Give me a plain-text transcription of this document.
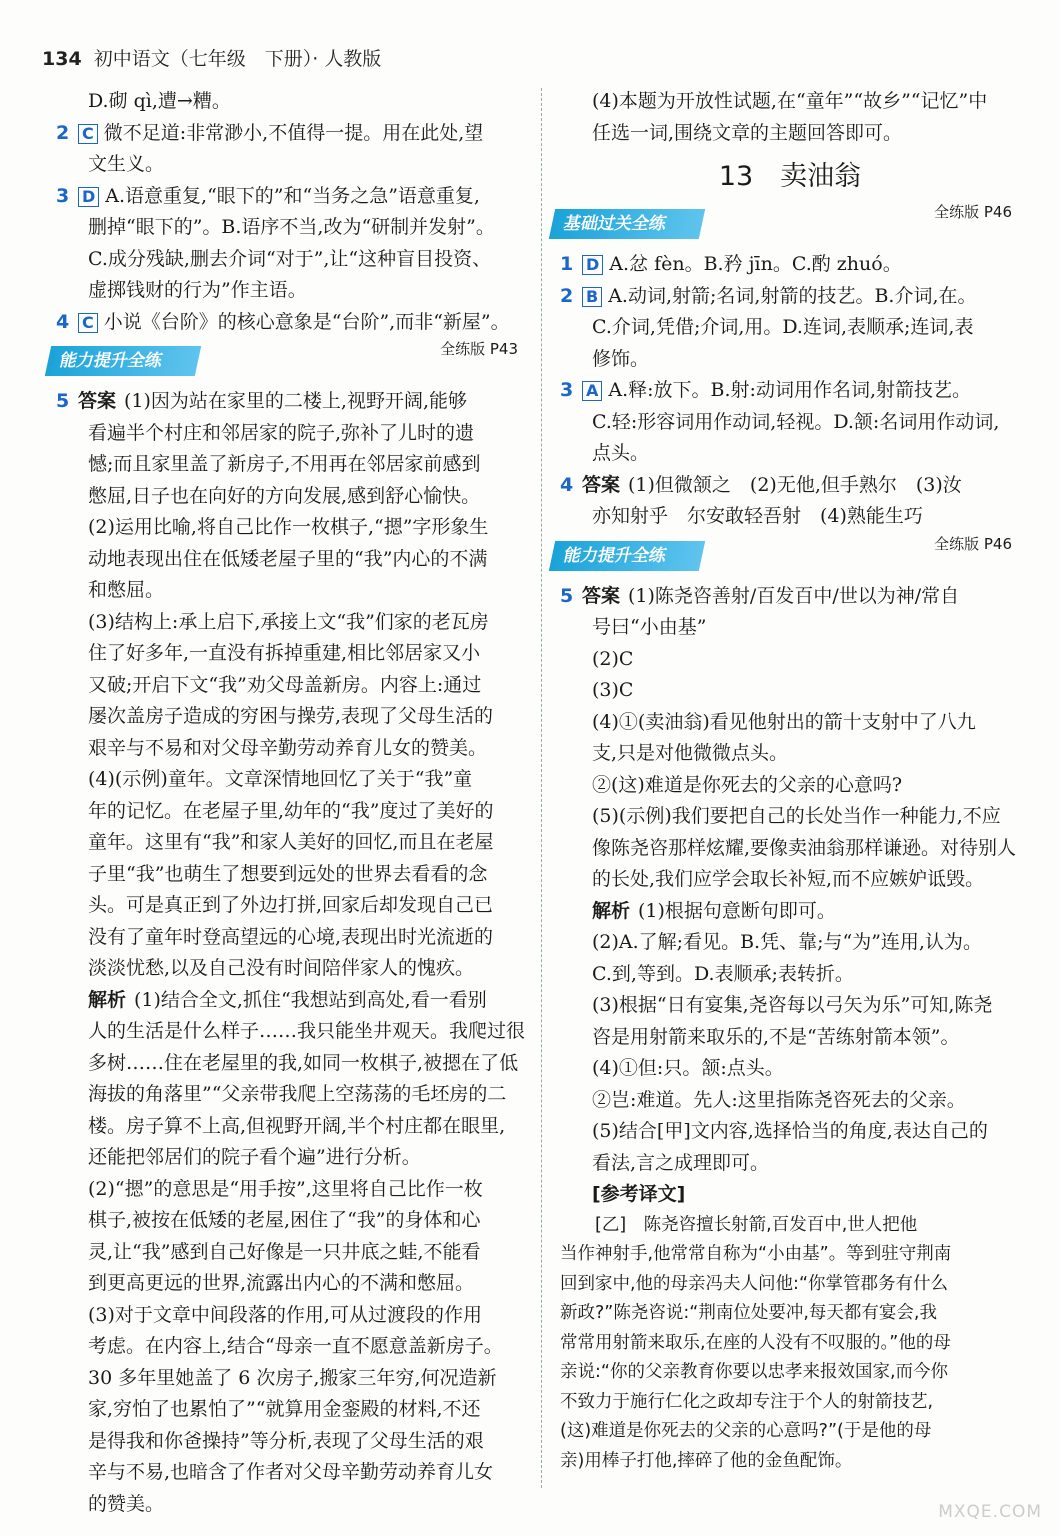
134 初中语文（七年级　下册）· 人教版

D.砌 qì,遭→糟。

2 C 微不足道:非常渺小,不值得一提。用在此处,望

文生义。

3 D A.语意重复,“眼下的”和“当务之急”语意重复,

删掉“眼下的”。B.语序不当,改为“研制并发射”。

C.成分残缺,删去介词“对于”,让“这种盲目投资、

虚掷钱财的行为”作主语。

4 C 小说《台阶》的核心意象是“台阶”,而非“新屋”。

能力提升全练
全练版 P43

5 答案 (1)因为站在家里的二楼上,视野开阔,能够

看遍半个村庄和邻居家的院子,弥补了儿时的遗

憾;而且家里盖了新房子,不用再在邻居家前感到

憋屈,日子也在向好的方向发展,感到舒心愉快。

(2)运用比喻,将自己比作一枚棋子,“摁”字形象生

动地表现出住在低矮老屋子里的“我”内心的不满

和憋屈。

(3)结构上:承上启下,承接上文“我”们家的老瓦房

住了好多年,一直没有拆掉重建,相比邻居家又小

又破;开启下文“我”劝父母盖新房。内容上:通过

屡次盖房子造成的穷困与操劳,表现了父母生活的

艰辛与不易和对父母辛勤劳动养育儿女的赞美。

(4)(示例)童年。文章深情地回忆了关于“我”童

年的记忆。在老屋子里,幼年的“我”度过了美好的

童年。这里有“我”和家人美好的回忆,而且在老屋

子里“我”也萌生了想要到远处的世界去看看的念

头。可是真正到了外边打拼,回家后却发现自己已

没有了童年时登高望远的心境,表现出时光流逝的

淡淡忧愁,以及自己没有时间陪伴家人的愧疚。

解析 (1)结合全文,抓住“我想站到高处,看一看别

人的生活是什么样子……我只能坐井观天。我爬过很

多树……住在老屋里的我,如同一枚棋子,被摁在了低

海拔的角落里”“父亲带我爬上空荡荡的毛坯房的二

楼。房子算不上高,但视野开阔,半个村庄都在眼里,

还能把邻居们的院子看个遍”进行分析。

(2)“摁”的意思是“用手按”,这里将自己比作一枚

棋子,被按在低矮的老屋,困住了“我”的身体和心

灵,让“我”感到自己好像是一只井底之蛙,不能看

到更高更远的世界,流露出内心的不满和憋屈。

(3)对于文章中间段落的作用,可从过渡段的作用

考虑。在内容上,结合“母亲一直不愿意盖新房子。

30 多年里她盖了 6 次房子,搬家三年穷,何况造新

家,穷怕了也累怕了”“就算用金銮殿的材料,不还

是得我和你爸操持”等分析,表现了父母生活的艰

辛与不易,也暗含了作者对父母辛勤劳动养育儿女

的赞美。

(4)本题为开放性试题,在“童年”“故乡”“记忆”中

任选一词,围绕文章的主题回答即可。

13　卖油翁
基础过关全练
全练版 P46

1 D A.忿 fèn。B.矜 jīn。C.酌 zhuó。

2 B A.动词,射箭;名词,射箭的技艺。B.介词,在。

C.介词,凭借;介词,用。D.连词,表顺承;连词,表

修饰。

3 A A.释:放下。B.射:动词用作名词,射箭技艺。

C.轻:形容词用作动词,轻视。D.颔:名词用作动词,

点头。

4 答案 (1)但微颔之　(2)无他,但手熟尔　(3)汝

亦知射乎　尔安敢轻吾射　(4)熟能生巧

能力提升全练
全练版 P46

5 答案 (1)陈尧咨善射/百发百中/世以为神/常自

号曰“小由基”

(2)C

(3)C

(4)①(卖油翁)看见他射出的箭十支射中了八九

支,只是对他微微点头。

②(这)难道是你死去的父亲的心意吗?

(5)(示例)我们要把自己的长处当作一种能力,不应

像陈尧咨那样炫耀,要像卖油翁那样谦逊。对待别人

的长处,我们应学会取长补短,而不应嫉妒诋毁。

解析 (1)根据句意断句即可。

(2)A.了解;看见。B.凭、靠;与“为”连用,认为。

C.到,等到。D.表顺承;表转折。

(3)根据“日有宴集,尧咨每以弓矢为乐”可知,陈尧

咨是用射箭来取乐的,不是“苦练射箭本领”。

(4)①但:只。颔:点头。

②岂:难道。先人:这里指陈尧咨死去的父亲。

(5)结合[甲]文内容,选择恰当的角度,表达自己的

看法,言之成理即可。

[参考译文]

　　[乙]　陈尧咨擅长射箭,百发百中,世人把他
当作神射手,他常常自称为“小由基”。等到驻守荆南
回到家中,他的母亲冯夫人问他:“你掌管郡务有什么
新政?”陈尧咨说:“荆南位处要冲,每天都有宴会,我
常常用射箭来取乐,在座的人没有不叹服的。”他的母
亲说:“你的父亲教育你要以忠孝来报效国家,而今你
不致力于施行仁化之政却专注于个人的射箭技艺,
(这)难道是你死去的父亲的心意吗?”(于是他的母
亲)用棒子打他,摔碎了他的金鱼配饰。
MXQE.COM
